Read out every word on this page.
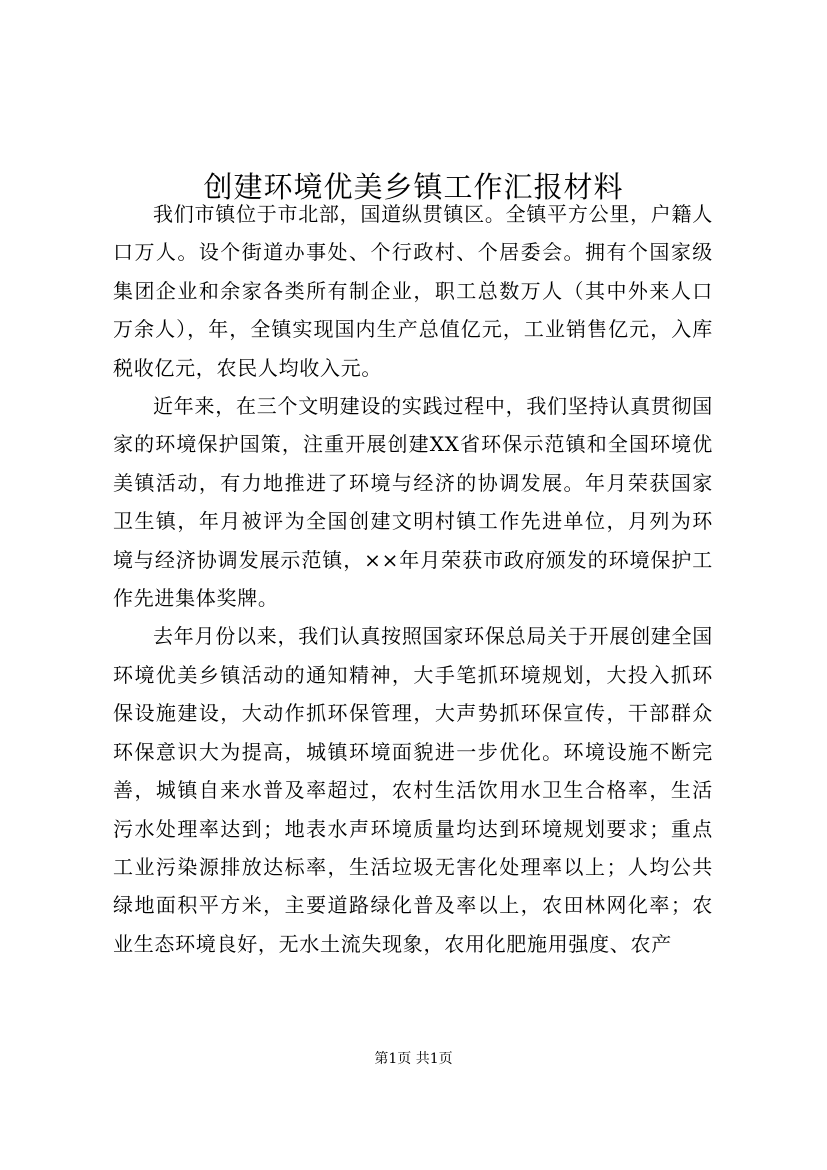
创建环境优美乡镇工作汇报材料

我们市镇位于市北部，国道纵贯镇区。全镇平方公里，户籍人口万人。设个街道办事处、个行政村、个居委会。拥有个国家级集团企业和余家各类所有制企业，职工总数万人（其中外来人口万余人），年，全镇实现国内生产总值亿元，工业销售亿元，入库税收亿元，农民人均收入元。

近年来，在三个文明建设的实践过程中，我们坚持认真贯彻国家的环境保护国策，注重开展创建XX省环保示范镇和全国环境优美镇活动，有力地推进了环境与经济的协调发展。年月荣获国家卫生镇，年月被评为全国创建文明村镇工作先进单位，月列为环境与经济协调发展示范镇，××年月荣获市政府颁发的环境保护工作先进集体奖牌。

去年月份以来，我们认真按照国家环保总局关于开展创建全国环境优美乡镇活动的通知精神，大手笔抓环境规划，大投入抓环保设施建设，大动作抓环保管理，大声势抓环保宣传，干部群众环保意识大为提高，城镇环境面貌进一步优化。环境设施不断完善，城镇自来水普及率超过，农村生活饮用水卫生合格率，生活污水处理率达到；地表水声环境质量均达到环境规划要求；重点工业污染源排放达标率，生活垃圾无害化处理率以上；人均公共绿地面积平方米，主要道路绿化普及率以上，农田林网化率；农业生态环境良好，无水土流失现象，农用化肥施用强度、农产

第1页 共1页
